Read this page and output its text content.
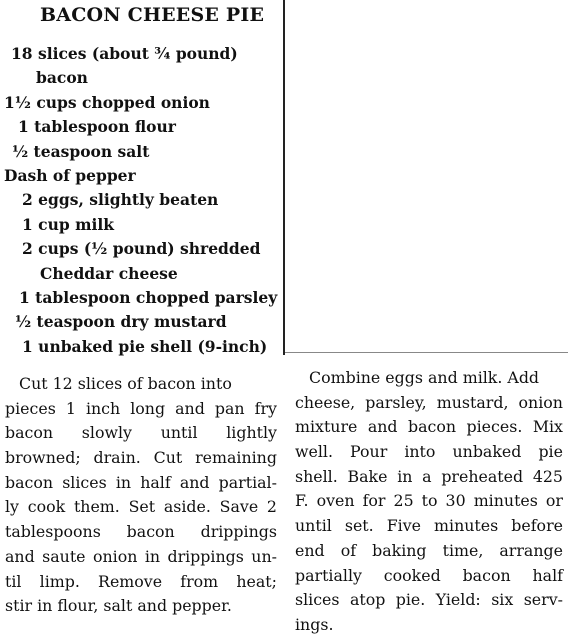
BACON CHEESE PIE
18 slices (about ¾ pound)
bacon
1½ cups chopped onion
1 tablespoon flour
½ teaspoon salt
Dash of pepper
2 eggs, slightly beaten
1 cup milk
2 cups (½ pound) shredded
Cheddar cheese
1 tablespoon chopped parsley
½ teaspoon dry mustard
1 unbaked pie shell (9-inch)
Cut 12 slices of bacon into
pieces 1 inch long and pan fry
bacon slowly until lightly
browned; drain. Cut remaining
bacon slices in half and partial-
ly cook them. Set aside. Save 2
tablespoons bacon drippings
and saute onion in drippings un-
til limp. Remove from heat;
stir in flour, salt and pepper.
Combine eggs and milk. Add
cheese, parsley, mustard, onion
mixture and bacon pieces. Mix
well. Pour into unbaked pie
shell. Bake in a preheated 425
F. oven for 25 to 30 minutes or
until set. Five minutes before
end of baking time, arrange
partially cooked bacon half
slices atop pie. Yield: six serv-
ings.
